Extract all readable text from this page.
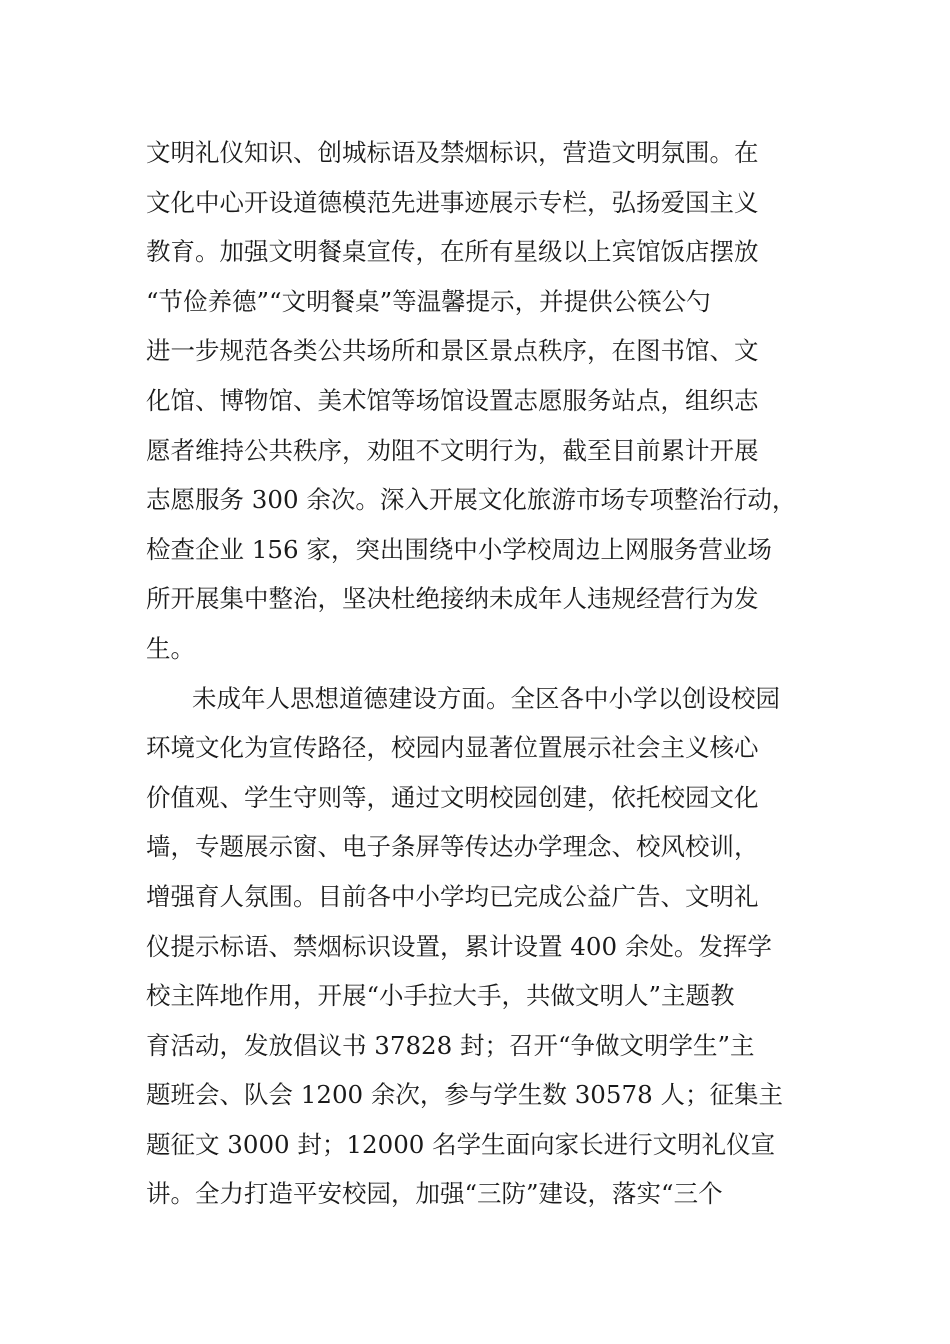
文明礼仪知识、创城标语及禁烟标识，营造文明氛围。在
文化中心开设道德模范先进事迹展示专栏，弘扬爱国主义
教育。加强文明餐桌宣传，在所有星级以上宾馆饭店摆放
“节俭养德”“文明餐桌”等温馨提示，并提供公筷公勺
进一步规范各类公共场所和景区景点秩序，在图书馆、文
化馆、博物馆、美术馆等场馆设置志愿服务站点，组织志
愿者维持公共秩序，劝阻不文明行为，截至目前累计开展
志愿服务 300 余次。深入开展文化旅游市场专项整治行动，
检查企业 156 家，突出围绕中小学校周边上网服务营业场
所开展集中整治，坚决杜绝接纳未成年人违规经营行为发
生。
未成年人思想道德建设方面。全区各中小学以创设校园
环境文化为宣传路径，校园内显著位置展示社会主义核心
价值观、学生守则等，通过文明校园创建，依托校园文化
墙，专题展示窗、电子条屏等传达办学理念、校风校训，
增强育人氛围。目前各中小学均已完成公益广告、文明礼
仪提示标语、禁烟标识设置，累计设置 400 余处。发挥学
校主阵地作用，开展“小手拉大手，共做文明人”主题教
育活动，发放倡议书 37828 封；召开“争做文明学生”主
题班会、队会 1200 余次，参与学生数 30578 人；征集主
题征文 3000 封；12000 名学生面向家长进行文明礼仪宣
讲。全力打造平安校园，加强“三防”建设，落实“三个
